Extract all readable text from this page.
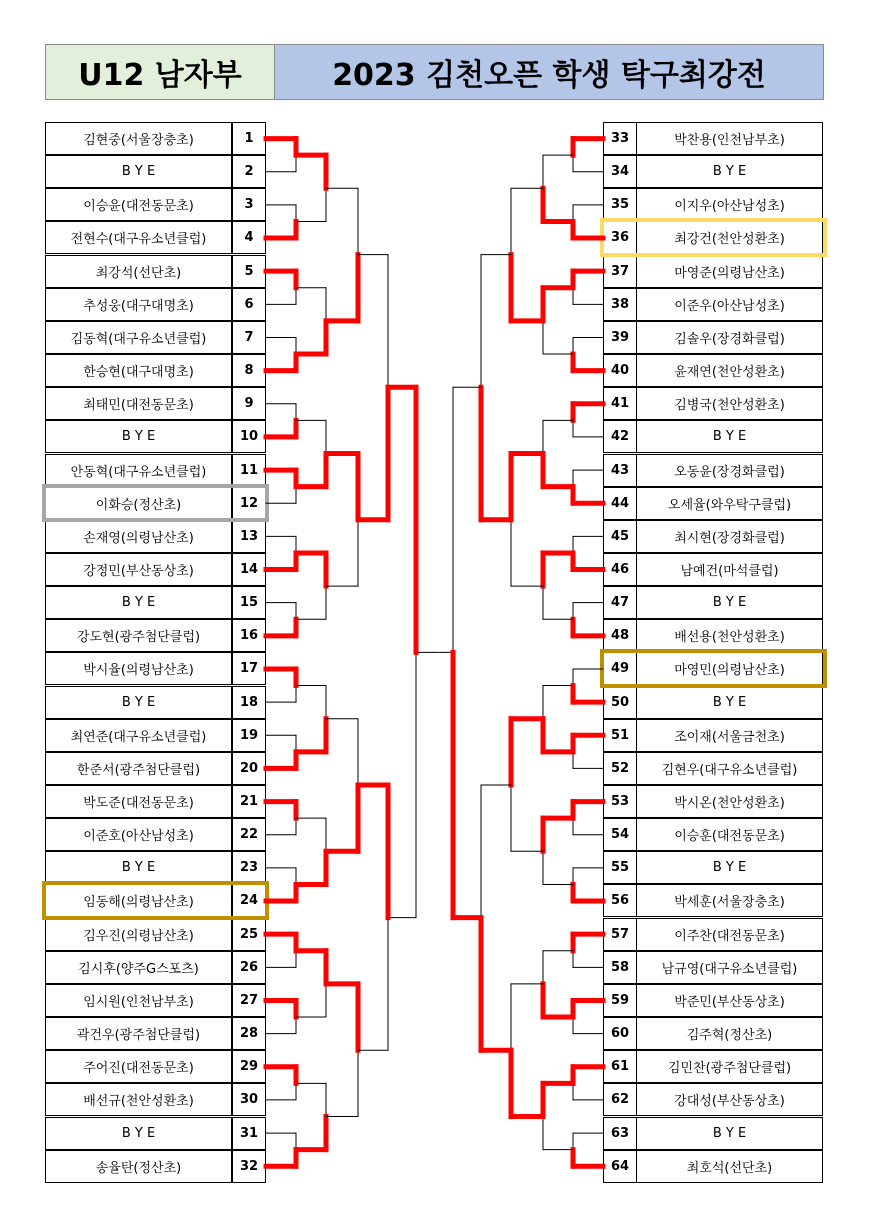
U12 남자부	2023 김천오픈 학생 탁구최강전
김현중(서울장충초)	1	33	박찬용(인천남부초)
B Y E	2	34	B Y E
이승윤(대전동문초)	3	35	이지우(아산남성초)
전현수(대구유소년클럽)	4	36	최강건(천안성환초)
최강석(선단초)	5	37	마영준(의령남산초)
추성웅(대구대명초)	6	38	이준우(아산남성초)
김동혁(대구유소년클럽)	7	39	김솔우(장경화클럽)
한승현(대구대명초)	8	40	윤재연(천안성환초)
최태민(대전동문초)	9	41	김병국(천안성환초)
B Y E	10	42	B Y E
안동혁(대구유소년클럽)	11	43	오동윤(장경화클럽)
이화승(정산초)	12	44	오세율(와우탁구클럽)
손재영(의령남산초)	13	45	최시현(장경화클럽)
강정민(부산동상초)	14	46	남예건(마석클럽)
B Y E	15	47	B Y E
강도현(광주첨단클럽)	16	48	배선용(천안성환초)
박시율(의령남산초)	17	49	마영민(의령남산초)
B Y E	18	50	B Y E
최연준(대구유소년클럽)	19	51	조이재(서울금천초)
한준서(광주첨단클럽)	20	52	김현우(대구유소년클럽)
박도준(대전동문초)	21	53	박시온(천안성환초)
이준호(아산남성초)	22	54	이승훈(대전동문초)
B Y E	23	55	B Y E
임동해(의령남산초)	24	56	박세훈(서울장충초)
김우진(의령남산초)	25	57	이주찬(대전동문초)
김시후(양주G스포츠)	26	58	남규영(대구유소년클럽)
임시원(인천남부초)	27	59	박준민(부산동상초)
곽건우(광주첨단클럽)	28	60	김주혁(정산초)
주어진(대전동문초)	29	61	김민찬(광주첨단클럽)
배선규(천안성환초)	30	62	강대성(부산동상초)
B Y E	31	63	B Y E
송율탄(정산초)	32	64	최호석(선단초)
